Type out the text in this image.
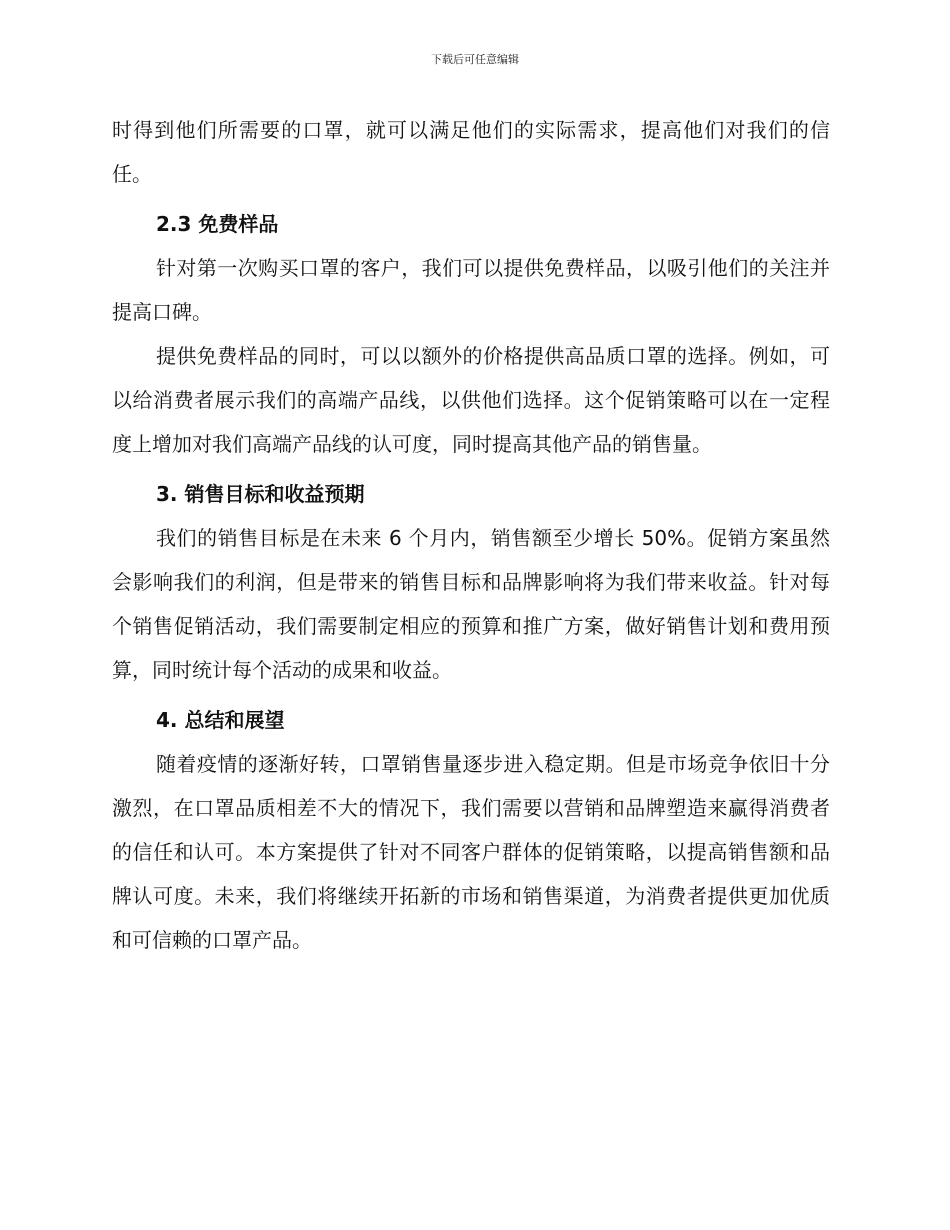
下载后可任意编辑

时得到他们所需要的口罩，就可以满足他们的实际需求，提高他们对我们的信任。

2.3 免费样品

针对第一次购买口罩的客户，我们可以提供免费样品，以吸引他们的关注并提高口碑。

提供免费样品的同时，可以以额外的价格提供高品质口罩的选择。例如，可以给消费者展示我们的高端产品线，以供他们选择。这个促销策略可以在一定程度上增加对我们高端产品线的认可度，同时提高其他产品的销售量。

3. 销售目标和收益预期

我们的销售目标是在未来 6 个月内，销售额至少增长 50%。促销方案虽然会影响我们的利润，但是带来的销售目标和品牌影响将为我们带来收益。针对每个销售促销活动，我们需要制定相应的预算和推广方案，做好销售计划和费用预算，同时统计每个活动的成果和收益。

4. 总结和展望

随着疫情的逐渐好转，口罩销售量逐步进入稳定期。但是市场竞争依旧十分激烈，在口罩品质相差不大的情况下，我们需要以营销和品牌塑造来赢得消费者的信任和认可。本方案提供了针对不同客户群体的促销策略，以提高销售额和品牌认可度。未来，我们将继续开拓新的市场和销售渠道，为消费者提供更加优质和可信赖的口罩产品。
